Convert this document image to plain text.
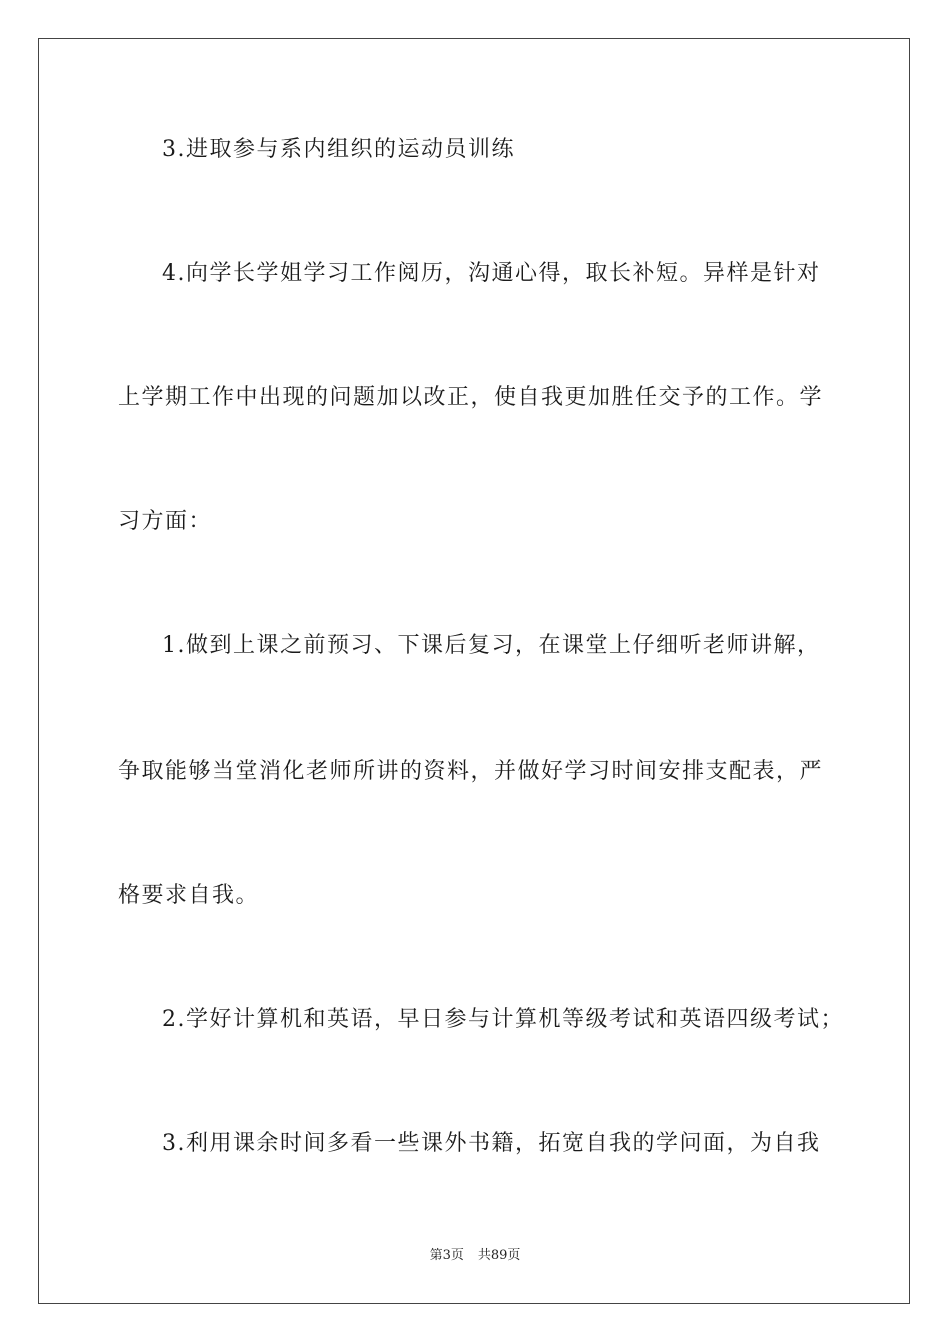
3.进取参与系内组织的运动员训练
4.向学长学姐学习工作阅历，沟通心得，取长补短。异样是针对
上学期工作中出现的问题加以改正，使自我更加胜任交予的工作。学
习方面：
1.做到上课之前预习、下课后复习，在课堂上仔细听老师讲解，
争取能够当堂消化老师所讲的资料，并做好学习时间安排支配表，严
格要求自我。
2.学好计算机和英语，早日参与计算机等级考试和英语四级考试；
3.利用课余时间多看一些课外书籍，拓宽自我的学问面，为自我
第3页 共89页
